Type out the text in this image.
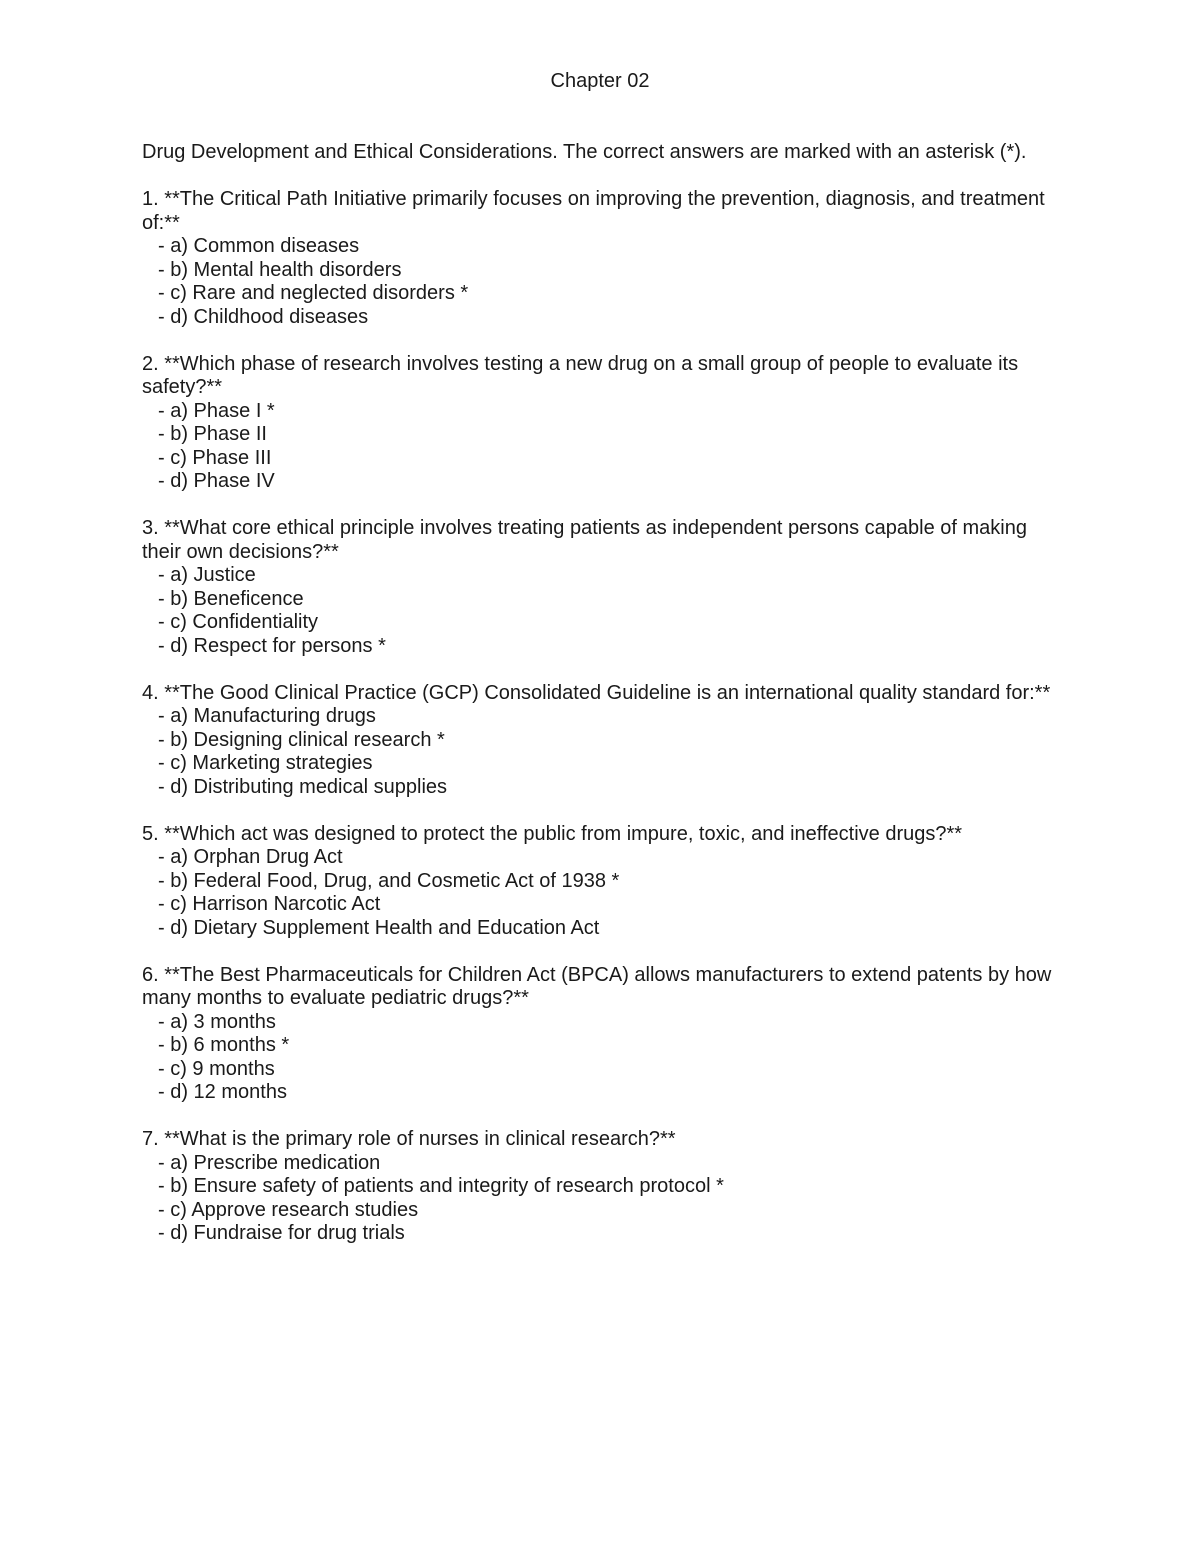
Chapter 02

Drug Development and Ethical Considerations. The correct answers are marked with an asterisk (*).

1. **The Critical Path Initiative primarily focuses on improving the prevention, diagnosis, and treatment of:**

- a) Common diseases
- b) Mental health disorders
- c) Rare and neglected disorders *
- d) Childhood diseases

2. **Which phase of research involves testing a new drug on a small group of people to evaluate its safety?**

- a) Phase I *
- b) Phase II
- c) Phase III
- d) Phase IV

3. **What core ethical principle involves treating patients as independent persons capable of making their own decisions?**

- a) Justice
- b) Beneficence
- c) Confidentiality
- d) Respect for persons *

4. **The Good Clinical Practice (GCP) Consolidated Guideline is an international quality standard for:**

- a) Manufacturing drugs
- b) Designing clinical research *
- c) Marketing strategies
- d) Distributing medical supplies

5. **Which act was designed to protect the public from impure, toxic, and ineffective drugs?**

- a) Orphan Drug Act
- b) Federal Food, Drug, and Cosmetic Act of 1938 *
- c) Harrison Narcotic Act
- d) Dietary Supplement Health and Education Act

6. **The Best Pharmaceuticals for Children Act (BPCA) allows manufacturers to extend patents by how many months to evaluate pediatric drugs?**

- a) 3 months
- b) 6 months *
- c) 9 months
- d) 12 months

7. **What is the primary role of nurses in clinical research?**

- a) Prescribe medication
- b) Ensure safety of patients and integrity of research protocol *
- c) Approve research studies
- d) Fundraise for drug trials
